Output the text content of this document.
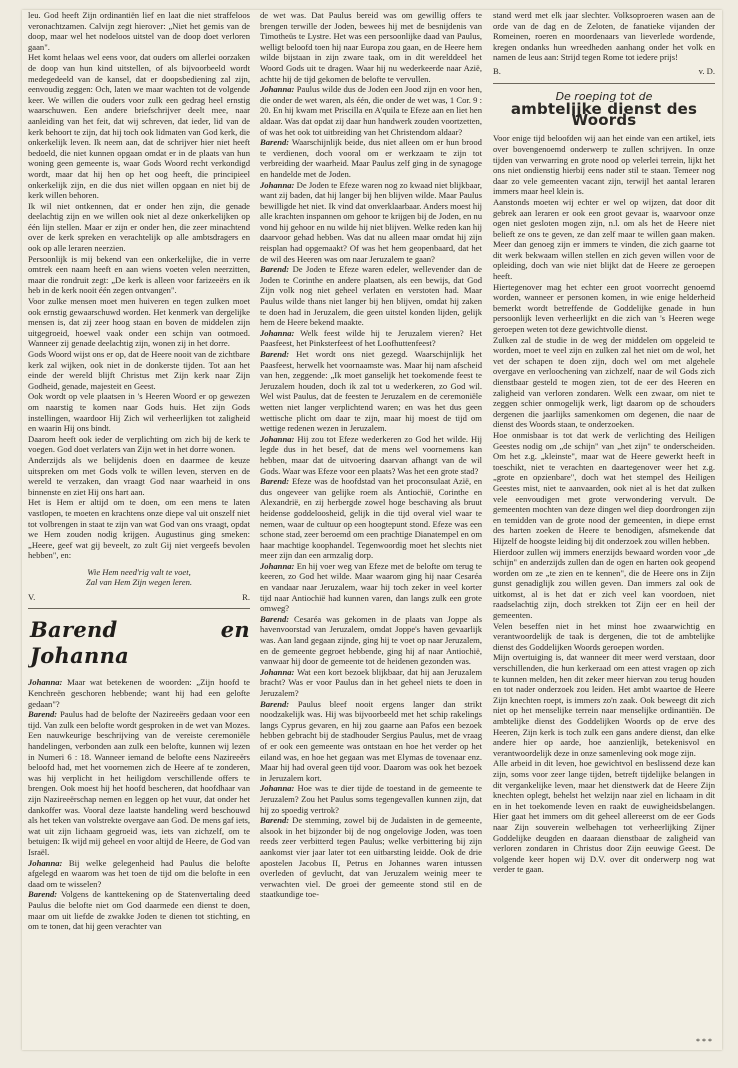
leu. God heeft Zijn ordinantiën lief en laat die niet straffeloos veronachtzamen. Calvijn zegt hierover: „Niet het gemis van de doop, maar wel het nodeloos uitstel van de doop doet verloren gaan".

Het komt helaas wel eens voor, dat ouders om allerlei oorzaken de doop van hun kind uitstellen, of als bijvoorbeeld wordt medegedeeld van de kansel, dat er doopsbediening zal zijn, eenvoudig zeggen: Och, laten we maar wachten tot de volgende keer. We willen die ouders voor zulk een gedrag heel ernstig waarschuwen. Een andere briefschrijver deelt mee, naar aanleiding van het feit, dat wij schreven, dat ieder, lid van de kerk behoort te zijn, dat hij toch ook lidmaten van God kerk, die onkerkelijk leven. Ik neem aan, dat de schrijver hier niet heeft bedoeld, die niet kunnen opgaan omdat er in de plaats van hun woning geen gemeente is, waar Gods Woord recht verkondigd wordt, maar dat hij hen op het oog heeft, die principieel onkerkelijk zijn, en die dus niet willen opgaan en niet bij de kerk willen behoren.

Ik wil niet ontkennen, dat er onder hen zijn, die genade deelachtig zijn en we willen ook niet al deze onkerkelijken op één lijn stellen. Maar er zijn er onder hen, die zeer minachtend over de kerk spreken en verachtelijk op alle ambtsdragers en ook op alle leraren neerzien.

Persoonlijk is mij bekend van een onkerkelijke, die in verre omtrek een naam heeft en aan wiens voeten velen neerzitten, maar die rondruit zegt: „De kerk is alleen voor farizeeërs en ik heb in de kerk nooit één zegen ontvangen".

Voor zulke mensen moet men huiveren en tegen zulken moet ook ernstig gewaarschuwd worden. Het kenmerk van dergelijke mensen is, dat zij zeer hoog staan en boven de middelen zijn uitgegroeid, hoewel vaak onder een schijn van ootmoed. Wanneer zij genade deelachtig zijn, wonen zij in het dorre.

Gods Woord wijst ons er op, dat de Heere nooit van de zichtbare kerk zal wijken, ook niet in de donkerste tijden. Tot aan het einde der wereld blijft Christus met Zijn kerk naar Zijn Godheid, genade, majesteit en Geest.

Ook wordt op vele plaatsen in 's Heeren Woord er op gewezen om naarstig te komen naar Gods huis. Het zijn Gods instellingen, waardoor Hij Zich wil verheerlijken tot zaligheid en waarin Hij ons bindt.

Daarom heeft ook ieder de verplichting om zich bij de kerk te voegen. God doet verlaters van Zijn wet in het dorre wonen.

Anderzijds als we belijdenis doen en daarmee de keuze uitspreken om met Gods volk te willen leven, sterven en de wereld te verzaken, dan vraagt God naar waarheid in ons binnenste en ziet Hij ons hart aan.

Het is Hem er altijd om te doen, om een mens te laten vastlopen, te moeten en krachtens onze diepe val uit onszelf niet tot volbrengen in staat te zijn van wat God van ons vraagt, opdat we Hem zouden nodig krijgen. Augustinus ging smeken: „Heere, geef wat gij beveelt, zo zult Gij niet vergeefs bevolen hebben", en:

Wie Hem need'rig valt te voet,
Zal van Hem Zijn wegen leren.
V.	R.
Barend en Johanna

Johanna: Maar wat betekenen de woorden: „Zijn hoofd te Kenchreën geschoren hebbende; want hij had een gelofte gedaan"?

Barend: Paulus had de belofte der Nazireeërs gedaan voor een tijd. Van zulk een belofte wordt gesproken in de wet van Mozes. Een nauwkeurige beschrijving van de vereiste ceremoniële handelingen, verbonden aan zulk een belofte, kunnen wij lezen in Numeri 6 : 18. Wanneer iemand de belofte eens Nazireeërs beloofd had, met het voornemen zich de Heere af te zonderen, was hij verplicht in het heiligdom verschillende offers te brengen. Ook moest hij het hoofd bescheren, dat hoofdhaar van zijn Nazireeërschap nemen en leggen op het vuur, dat onder het dankoffer was. Vooral deze laatste handeling werd beschouwd als het teken van volstrekte overgave aan God. De mens gaf iets, wat uit zijn lichaam gegroeid was, iets van zichzelf, om te betuigen: Ik wijd mij geheel en voor altijd de Heere, de God van Israël.

Johanna: Bij welke gelegenheid had Paulus die belofte afgelegd en waarom was het toen de tijd om die belofte in een daad om te wisselen?

Barend: Volgens de kanttekening op de Statenvertaling deed Paulus die belofte niet om God daarmede een dienst te doen, maar om uit liefde de zwakke Joden te dienen tot stichting, en om te tonen, dat hij geen verachter van

de wet was. Dat Paulus bereid was om gewillig offers te brengen terwille der Joden, bewees hij met de besnijdenis van Timotheüs te Lystre. Het was een persoonlijke daad van Paulus, welligt beloofd toen hij naar Europa zou gaan, en de Heere hem wilde bijstaan in zijn zware taak, om in dit werelddeel het Woord Gods uit te dragen. Waar hij nu wederkeerde naar Azië, achtte hij de tijd gekomen de belofte te vervullen.

Johanna: Paulus wilde dus de Joden een Jood zijn en voor hen, die onder de wet waren, als één, die onder de wet was, 1 Cor. 9 : 20. En hij kwam met Priscilla en A'quila te Efeze aan en liet hen aldaar. Was dat opdat zij daar hun handwerk zouden voortzetten, of was het ook tot uitbreiding van het Christendom aldaar?

Barend: Waarschijnlijk beide, dus niet alleen om er hun brood te verdienen, doch vooral om er werkzaam te zijn tot verbreiding der waarheid. Maar Paulus zelf ging in de synagoge en handelde met de Joden.

Johanna: De Joden te Efeze waren nog zo kwaad niet blijkbaar, want zij baden, dat hij langer bij hen blijven wilde. Maar Paulus bewilligde het niet. Ik vind dat onverklaarbaar. Anders moest hij alle krachten inspannen om gehoor te krijgen bij de Joden, en nu vond hij gehoor en nu wilde hij niet blijven. Welke reden kan hij daarvoor gehad hebben. Was dat nu alleen maar omdat hij zijn reisplan had opgemaakt? Of was het hem geopenbaard, dat het de wil des Heeren was om naar Jeruzalem te gaan?

Barend: De Joden te Efeze waren edeler, wellevender dan de Joden te Corinthe en andere plaatsen, als een bewijs, dat God Zijn volk nog niet geheel verlaten en verstoten had. Maar Paulus wilde thans niet langer bij hen blijven, omdat hij zaken te doen had in Jeruzalem, die geen uitstel konden lijden, gelijk hem de Heere bekend maakte.

Johanna: Welk feest wilde hij te Jeruzalem vieren? Het Paasfeest, het Pinksterfeest of het Loofhuttenfeest?

Barend: Het wordt ons niet gezegd. Waarschijnlijk het Paasfeest, herwelk het voornaamste was. Maar hij nam afscheid van hen, zeggende: „Ik moet ganselijk het toekomende feest te Jeruzalem houden, doch ik zal tot u wederkeren, zo God wil. Wel wist Paulus, dat de feesten te Jeruzalem en de ceremoniële wetten niet langer verplichtend waren; en was het dus geen wettische plicht om daar te zijn, maar hij moest de tijd om wettige redenen wezen in Jeruzalem.

Johanna: Hij zou tot Efeze wederkeren zo God het wilde. Hij legde dus in het besef, dat de mens wel voornemens kan hebben, maar dat de uitvoering daarvan afhangt van de wil Gods. Waar was Efeze voor een plaats? Was het een grote stad?

Barend: Efeze was de hoofdstad van het proconsulaat Azië, en dus ongeveer van gelijke rоem als Antiochië, Corinthe en Alexandrië, en zij herbergde zowel hoge beschaving als bruut heidense goddeloosheid, gelijk in die tijd overal viel waar te nemen, waar de cultuur op een hoogtepunt stond. Efeze was een schone stad, zeer beroemd om een prachtige Dianatempel en om haar machtige koophandel. Tegenwoordig moet het slechts niet meer zijn dan een armzalig dorp.

Johanna: En hij voer weg van Efeze met de belofte om terug te keeren, zo God het wilde. Maar waarom ging hij naar Cesaréa en vandaar naar Jeruzalem, waar hij toch zeker in veel korter tijd naar Antiochië had kunnen varen, dan langs zulk een grote omweg?

Barend: Cesaréa was gekomen in de plaats van Joppe als havenvoorstad van Jeruzalem, omdat Joppe's haven gevaarlijk was. Aan land gegaan zijnde, ging hij te voet op naar Jeruzalem, en de gemeente gegroet hebbende, ging hij af naar Antiochië, vanwaar hij door de gemeente tot de heidenen gezonden was.

Johanna: Wat een kort bezoek blijkbaar, dat hij aan Jeruzalem bracht? Was er voor Paulus dan in het geheel niets te doen in Jeruzalem?

Barend: Paulus bleef nooit ergens langer dan strikt noodzakelijk was. Hij was bijvoorbeeld met het schip rakelings langs Cyprus gevaren, en hij zou gaarne aan Pafos een bezoek hebben gebracht bij de stadhouder Sergius Paulus, met de vraag of er ook een gemeente was ontstaan en hoe het verder op het eiland was, en hoe het gegaan was met Elymas de tovenaar enz. Maar hij had overal geen tijd voor. Daarom was ook het bezoek in Jeruzalem kort.

Johanna: Hoe was te dier tijde de toestand in de gemeente te Jeruzalem? Zou het Paulus soms tegengevallen kunnen zijn, dat hij zo spoedig vertrok?

Barend: De stemming, zowel bij de Judaïsten in de gemeente, alsook in het bijzonder bij de nog ongelovige Joden, was toen reeds zeer verbitterd tegen Paulus; welke verbittering bij zijn aankomst vier jaar later tot een uitbarsting leidde. Ook de drie apostelen Jacobus II, Petrus en Johannes waren intussen overleden of gevlucht, dat van Jeruzalem weinig meer te verwachten viel. De groei der gemeente stond stil en de staatkundige toe-

stand werd met elk jaar slechter. Volksoproeren wasen aan de orde van de dag en de Zeloten, de fanatieke vijanden der Romeinen, roeren en moordenaars van lieverlede wordende, kregen ondanks hun wreedheden aanhang onder het volk en namen de leus aan: Strijd tegen Rome tot iedere prijs!

B.	v. D.
De roeping tot de
ambtelijke dienst des Woords

Voor enige tijd beloofden wij aan het einde van een artikel, iets over bovengenoemd onderwerp te zullen schrijven. In onze tijden van verwarring en grote nood op velerlei terrein, lijkt het ons niet ondienstig hierbij eens nader stil te staan. Temeer nog daar zo vele gemeenten vacant zijn, terwijl het aantal leraren immers maar heel klein is.

Aanstonds moeten wij echter er wel op wijzen, dat door dit gebrek aan leraren er ook een groot gevaar is, waarvoor onze ogen niet gesloten mogen zijn, n.l. om als het de Heere niet belieft ze ons te geven, ze dan zelf maar te willen gaan maken. Meer dan genoeg zijn er immers te vinden, die zich gaarne tot dit werk bekwaam willen stellen en zich geven willen voor de opleiding, doch van wie niet blijkt dat de Heere ze geroepen heeft.

Hiertegenover mag het echter een groot voorrecht genoemd worden, wanneer er personen komen, in wie enige helderheid bemerkt wordt betreffende de Goddelijke genade in hun persoonlijk leven verheerlijkt en die zich van 's Heeren wege geroepen weten tot deze gewichtvolle dienst.

Zulken zal de studie in de weg der middelen om opgeleid te worden, moet te veel zijn en zulken zal het niet om de wol, het vet der schapen te doen zijn, doch wel om met algehele overgave en verloochening van zichzelf, naar de wil Gods zich dienstbaar gesteld te mogen zien, tot de eer des Heeren en zaligheid van verloren zondaren. Welk een zwaar, om niet te zeggen schier onmogelijk werk, ligt daarom op de schouders dergenen die jaarlijks samenkomen om degenen, die naar de dienst des Woords staan, te onderzoeken.

Hoe onmisbaar is tot dat werk de verlichting des Heiligen Geestes nodig om „de schijn" van „het zijn" te onderscheiden. Om het z.g. „kleinste", maar wat de Heere gewerkt heeft in toeschikt, niet te verachten en daartegenover weer het z.g. „grote en opzienbare", doch wat het stempel des Heiligen Geestes mist, niet te aanvaarden, ook niet al is het dat zulken vele eenvoudigen met grote verwondering vervult. De gemeenten mochten van deze dingen wel diep doordrongen zijn en temidden van de grote nood der gemeenten, in diepe ernst des harten zoeken de Heere te benodigen, afsmekende dat Hijzelf de hoogste leiding bij dit onderzoek zou willen hebben.

Hierdoor zullen wij immers enerzijds bewaard worden voor „de schijn" en anderzijds zullen dan de ogen en harten ook geopend worden om ze „te zien en te kennen", die de Heere ons in Zijn gunst genadiglijk zou willen geven. Dan immers zal ook de uitkomst, al is het dat er zich veel kan voordoen, niet raadselachtig zijn, doch strekken tot Zijn eer en heil der gemeenten.

Velen beseffen niet in het minst hoe zwaarwichtig en verantwoordelijk de taak is dergenen, die tot de ambtelijke dienst des Goddelijken Woords geroepen worden.

Mijn overtuiging is, dat wanneer dit meer werd verstaan, door verschillenden, die hun kerkeraad om een attest vragen op zich te kunnen melden, hen dit zeker meer hiervan zou terug houden en tot nader onderzoek zou leiden. Het ambt waartoe de Heere Zijn knechten roept, is immers zo'n zaak. Ook beweegt dit zich niet op het menselijke terrein naar menselijke ordinantiën. De ambtelijke dienst des Goddelijken Woords op de erve des Heeren, Zijn kerk is toch zulk een gans andere dienst, dan elke andere hier op aarde, hoe aanzienlijk, betekenisvol en verantwoordelijk deze in onze samenleving ook moge zijn.

Alle arbeid in dit leven, hoe gewichtvol en beslissend deze kan zijn, soms voor zeer lange tijden, betreft tijdelijke belangen in dit vergankelijke leven, maar het dienstwerk dat de Heere Zijn knechten oplegt, behelst het welzijn naar ziel en lichaam in dit en in het toekomende leven en raakt de euwigheidsbelangen. Hier gaat het immers om dit geheel allereerst om de eer Gods naar Zijn souverein welbehagen tot verheerlijking Zijner Goddelijke deugden en daaraan dienstbaar de zaligheid van verloren zondaren in Christus door Zijn eeuwige Geest. De volgende keer hopen wij D.V. over dit onderwerp nog wat verder te gaan.

* * *
